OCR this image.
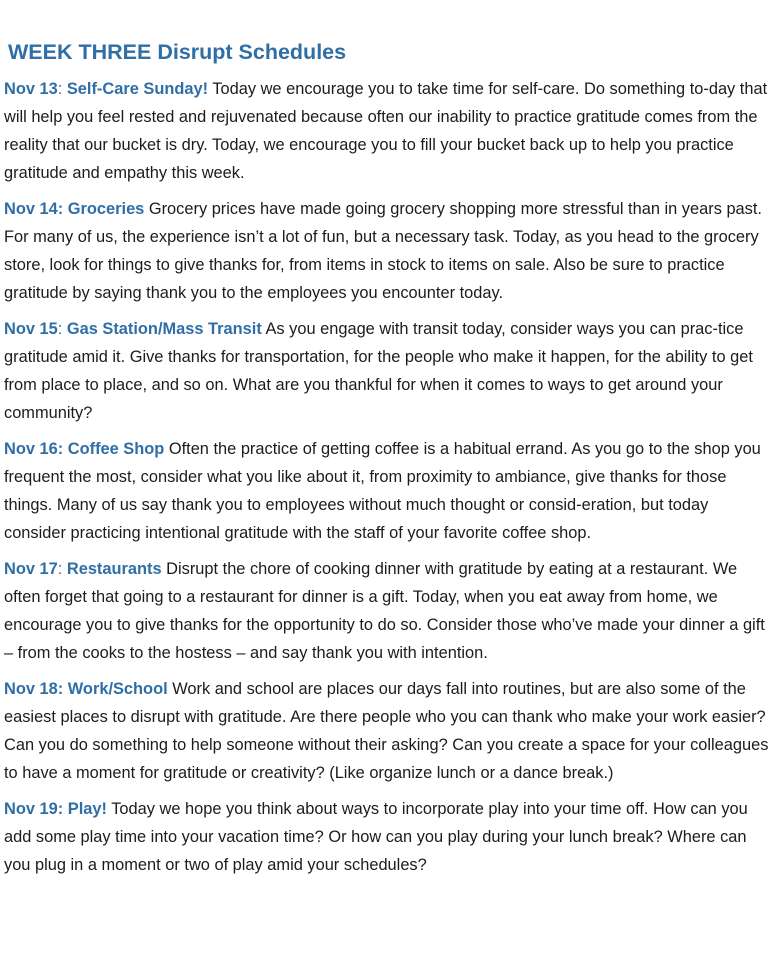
WEEK THREE Disrupt Schedules

Nov 13: Self-Care Sunday! Today we encourage you to take time for self-care. Do something to-day that will help you feel rested and rejuvenated because often our inability to practice gratitude comes from the reality that our bucket is dry. Today, we encourage you to fill your bucket back up to help you practice gratitude and empathy this week.

Nov 14: Groceries Grocery prices have made going grocery shopping more stressful than in years past. For many of us, the experience isn’t a lot of fun, but a necessary task. Today, as you head to the grocery store, look for things to give thanks for, from items in stock to items on sale. Also be sure to practice gratitude by saying thank you to the employees you encounter today.

Nov 15: Gas Station/Mass Transit As you engage with transit today, consider ways you can prac-tice gratitude amid it. Give thanks for transportation, for the people who make it happen, for the ability to get from place to place, and so on. What are you thankful for when it comes to ways to get around your community?

Nov 16: Coffee Shop Often the practice of getting coffee is a habitual errand. As you go to the shop you frequent the most, consider what you like about it, from proximity to ambiance, give thanks for those things. Many of us say thank you to employees without much thought or consid-eration, but today consider practicing intentional gratitude with the staff of your favorite coffee shop.

Nov 17: Restaurants Disrupt the chore of cooking dinner with gratitude by eating at a restaurant. We often forget that going to a restaurant for dinner is a gift. Today, when you eat away from home, we encourage you to give thanks for the opportunity to do so. Consider those who’ve made your dinner a gift – from the cooks to the hostess – and say thank you with intention.

Nov 18: Work/School Work and school are places our days fall into routines, but are also some of the easiest places to disrupt with gratitude. Are there people who you can thank who make your work easier? Can you do something to help someone without their asking? Can you create a space for your colleagues to have a moment for gratitude or creativity? (Like organize lunch or a dance break.)

Nov 19: Play! Today we hope you think about ways to incorporate play into your time off. How can you add some play time into your vacation time? Or how can you play during your lunch break? Where can you plug in a moment or two of play amid your schedules?
